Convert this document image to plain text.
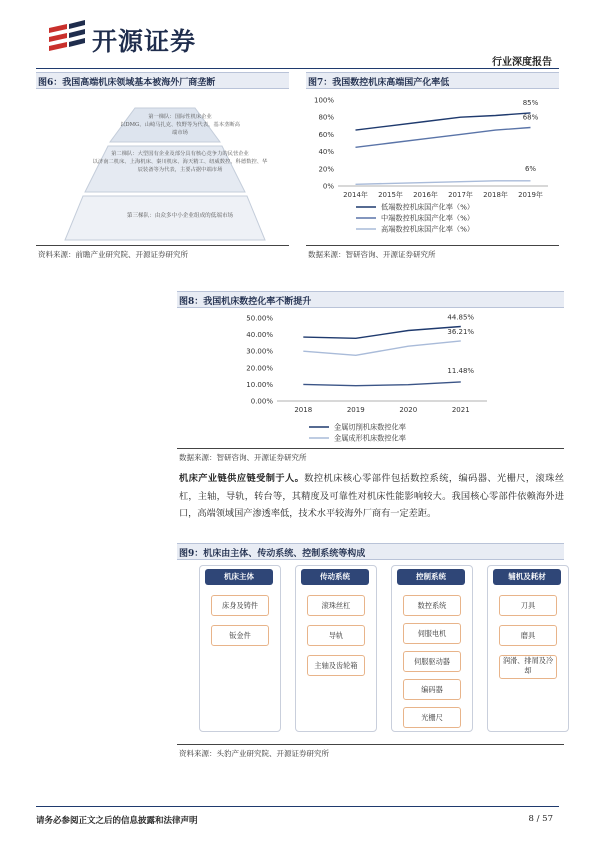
开源证券
行业深度报告
图6：我国高端机床领域基本被海外厂商垄断
第一梯队：国际性机床企业
以DMG、山崎马扎克、牧野等为代表，基本垄断高端市场
第二梯队：大型国有企业及部分具有核心竞争力的民营企业
以济南二机床、上海机床、秦川机床、海天精工、纽威数控、科德数控、华辰装备等为代表，主要占据中端市场
第三梯队：由众多中小企业组成的低端市场
资料来源：前瞻产业研究院、开源证券研究所
图7：我国数控机床高端国产化率低
0%
20%
40%
60%
80%
100%
2014年 2015年 2016年 2017年 2018年 2019年
85%
低端数控机床国产化率（%）
68%
中端数控机床国产化率（%）
6%
高端数控机床国产化率（%）
数据来源：智研咨询、开源证券研究所
图8：我国机床数控化率不断提升
0.00%
10.00%
20.00%
30.00%
40.00%
50.00%
2018	2019	2020	2021
44.85%
金属切削机床数控化率
36.21%
金属成形机床数控化率
11.48%
数据来源：智研咨询、开源证券研究所
机床产业链供应链受制于人。数控机床核心零部件包括数控系统，编码器、光栅尺，滚珠丝杠，主轴，导轨，转台等，其精度及可靠性对机床性能影响较大。我国核心零部件依赖海外进口，高端领域国产渗透率低，技术水平较海外厂商有一定差距。
图9：机床由主体、传动系统、控制系统等构成
机床主体
床身及铸件
钣金件
传动系统
滚珠丝杠
导轨
主轴及齿轮箱
控制系统
数控系统
伺服电机
伺服驱动器
编码器
光栅尺
辅机及耗材
刀具
磨具
润滑、排屑及冷却
资料来源：头豹产业研究院、开源证券研究所
请务必参阅正文之后的信息披露和法律声明	8 / 57
